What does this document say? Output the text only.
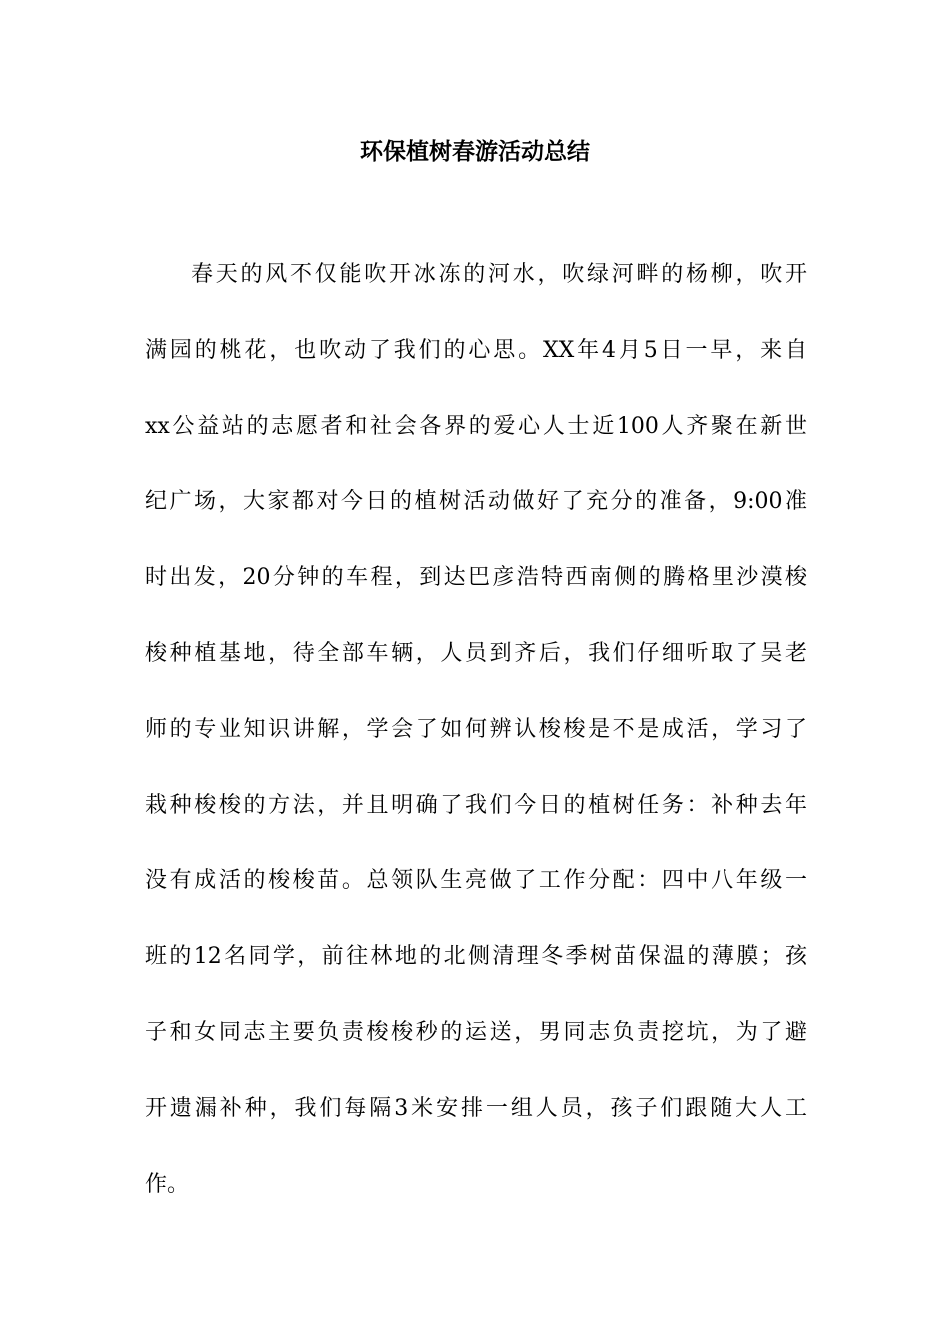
环保植树春游活动总结
春天的风不仅能吹开冰冻的河水，吹绿河畔的杨柳，吹开
满园的桃花，也吹动了我们的心思。XX年4月5日一早，来自
xx公益站的志愿者和社会各界的爱心人士近100人齐聚在新世
纪广场，大家都对今日的植树活动做好了充分的准备，9:00准
时出发，20分钟的车程，到达巴彦浩特西南侧的腾格里沙漠梭
梭种植基地，待全部车辆，人员到齐后，我们仔细听取了吴老
师的专业知识讲解，学会了如何辨认梭梭是不是成活，学习了
栽种梭梭的方法，并且明确了我们今日的植树任务：补种去年
没有成活的梭梭苗。总领队生亮做了工作分配：四中八年级一
班的12名同学，前往林地的北侧清理冬季树苗保温的薄膜；孩
子和女同志主要负责梭梭秒的运送，男同志负责挖坑，为了避
开遗漏补种，我们每隔3米安排一组人员，孩子们跟随大人工
作。
